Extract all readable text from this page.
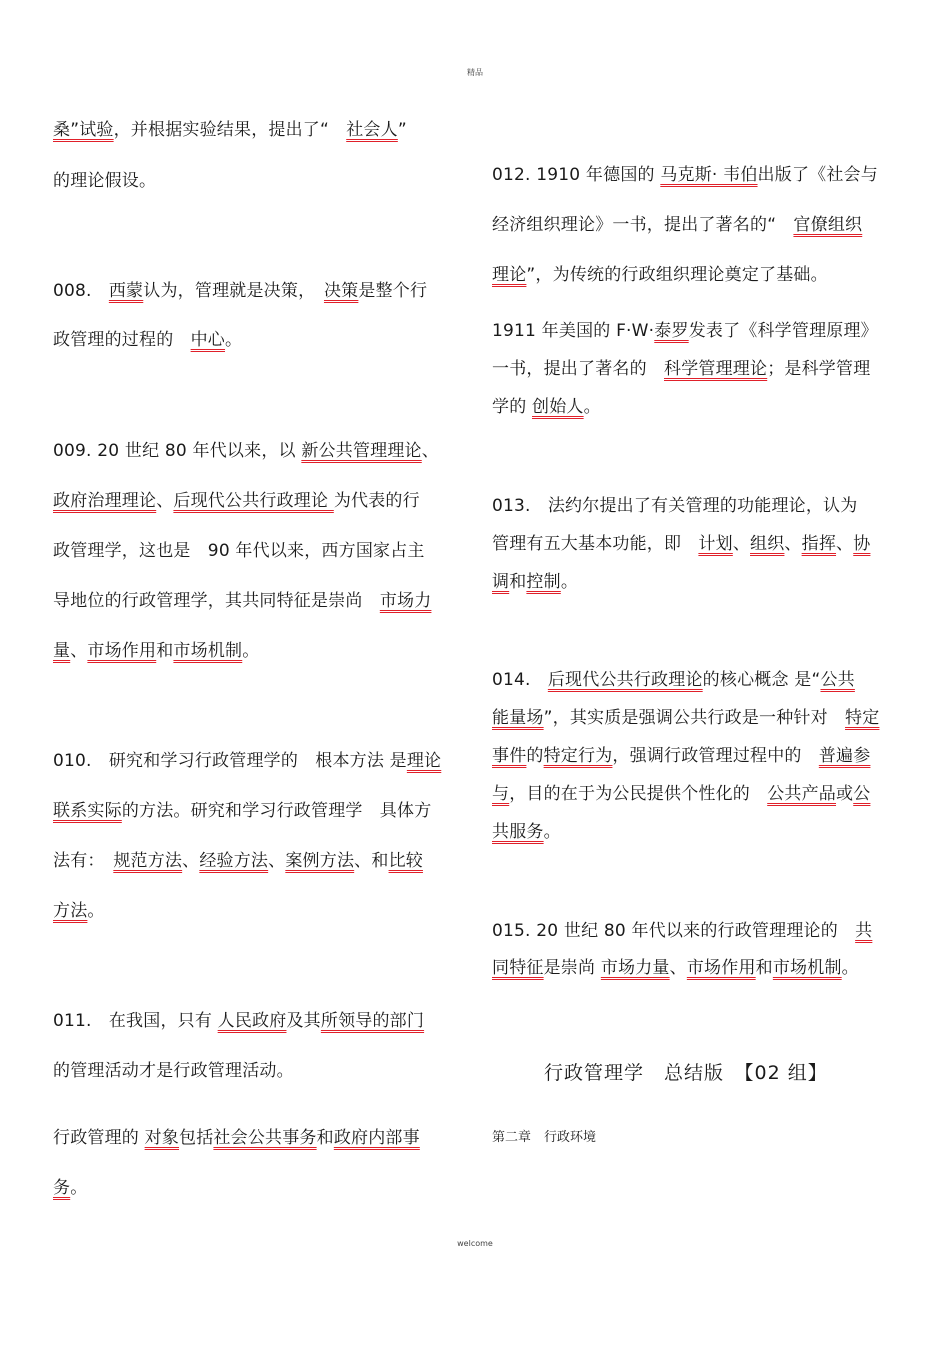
精品
桑”试验，并根据实验结果，提出了“　社会人”
的理论假设。
008.　西蒙认为，管理就是决策，　决策是整个行
政管理的过程的　中心。
009. 20 世纪 80 年代以来，以 新公共管理理论、
政府治理理论、后现代公共行政理论 为代表的行
政管理学，这也是　90 年代以来，西方国家占主
导地位的行政管理学，其共同特征是崇尚　市场力
量、市场作用和市场机制。
010.　研究和学习行政管理学的　根本方法 是理论
联系实际的方法。研究和学习行政管理学　具体方
法有：　规范方法、经验方法、案例方法、和比较
方法。
011.　在我国，只有 人民政府及其所领导的部门
的管理活动才是行政管理活动。
行政管理的 对象包括社会公共事务和政府内部事
务。
012. 1910 年德国的 马克斯· 韦伯出版了《社会与
经济组织理论》一书，提出了著名的“　官僚组织
理论”，为传统的行政组织理论奠定了基础。
1911 年美国的 F·W·泰罗发表了《科学管理原理》
一书，提出了著名的　科学管理理论；是科学管理
学的 创始人。
013.　法约尔提出了有关管理的功能理论，认为
管理有五大基本功能，即　计划、组织、指挥、协
调和控制。
014.　后现代公共行政理论的核心概念 是“公共
能量场”，其实质是强调公共行政是一种针对　特定
事件的特定行为，强调行政管理过程中的　普遍参
与，目的在于为公民提供个性化的　公共产品或公
共服务。
015. 20 世纪 80 年代以来的行政管理理论的　共
同特征是崇尚 市场力量、市场作用和市场机制。
行政管理学　总结版　【02 组】
第二章　行政环境
welcome
